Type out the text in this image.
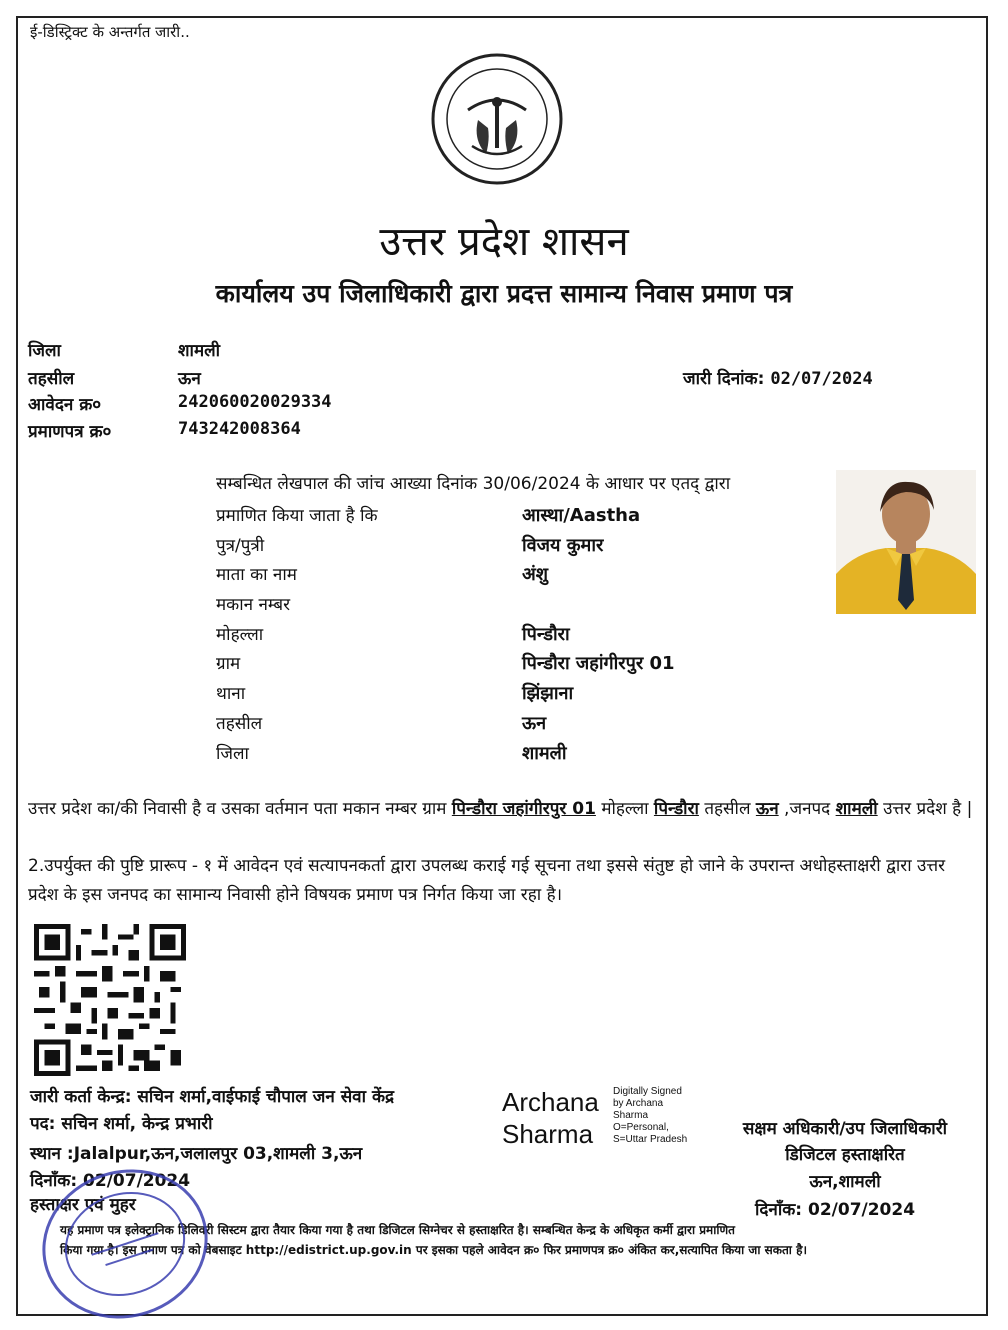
ई-डिस्ट्रिक्ट के अन्तर्गत जारी..
उत्तर प्रदेश शासन
कार्यालय उप जिलाधिकारी द्वारा प्रदत्त सामान्य निवास प्रमाण पत्र
जिला	शामली
तहसील	ऊन
आवेदन क्र०	242060020029334
प्रमाणपत्र क्र०	743242008364
जारी दिनांक: 02/07/2024
सम्बन्धित लेखपाल की जांच आख्या दिनांक 30/06/2024 के आधार पर एतद् द्वारा
प्रमाणित किया जाता है कि	आस्था/Aastha
पुत्र/पुत्री	विजय कुमार
माता का नाम	अंशु
मकान नम्बर
मोहल्ला	पिन्डौरा
ग्राम	पिन्डौरा जहांगीरपुर 01
थाना	झिंझाना
तहसील	ऊन
जिला	शामली
उत्तर प्रदेश का/की निवासी है व उसका वर्तमान पता मकान नम्बर ग्राम पिन्डौरा जहांगीरपुर 01 मोहल्ला पिन्डौरा तहसील ऊन ,जनपद शामली उत्तर प्रदेश है |
2.उपर्युक्त की पुष्टि प्रारूप - १ में आवेदन एवं सत्यापनकर्ता द्वारा उपलब्ध कराई गई सूचना तथा इससे संतुष्ट हो जाने के उपरान्त अधोहस्ताक्षरी द्वारा उत्तर प्रदेश के इस जनपद का सामान्य निवासी होने विषयक प्रमाण पत्र निर्गत किया जा रहा है।
जारी कर्ता केन्द्र: सचिन शर्मा,वाईफाई चौपाल जन सेवा केंद्र
पद: सचिन शर्मा, केन्द्र प्रभारी
स्थान :Jalalpur,ऊन,जलालपुर 03,शामली 3,ऊन
दिनाँक: 02/07/2024
हस्ताक्षर एवं मुहर
Archana
Sharma
Digitally Signed
by Archana
Sharma
O=Personal,
S=Uttar Pradesh
सक्षम अधिकारी/उप जिलाधिकारी
डिजिटल हस्ताक्षरित
ऊन,शामली
दिनाँक: 02/07/2024
यह प्रमाण पत्र इलेक्ट्रानिक डिलिवरी सिस्टम द्वारा तैयार किया गया है तथा डिजिटल सिग्नेचर से हस्ताक्षरित है। सम्बन्धित केन्द्र के अधिकृत कर्मी द्वारा प्रमाणित
किया गया है। इस प्रमाण पत्र को वेबसाइट http://edistrict.up.gov.in पर इसका पहले आवेदन क्र० फिर प्रमाणपत्र क्र० अंकित कर,सत्यापित किया जा सकता है।
